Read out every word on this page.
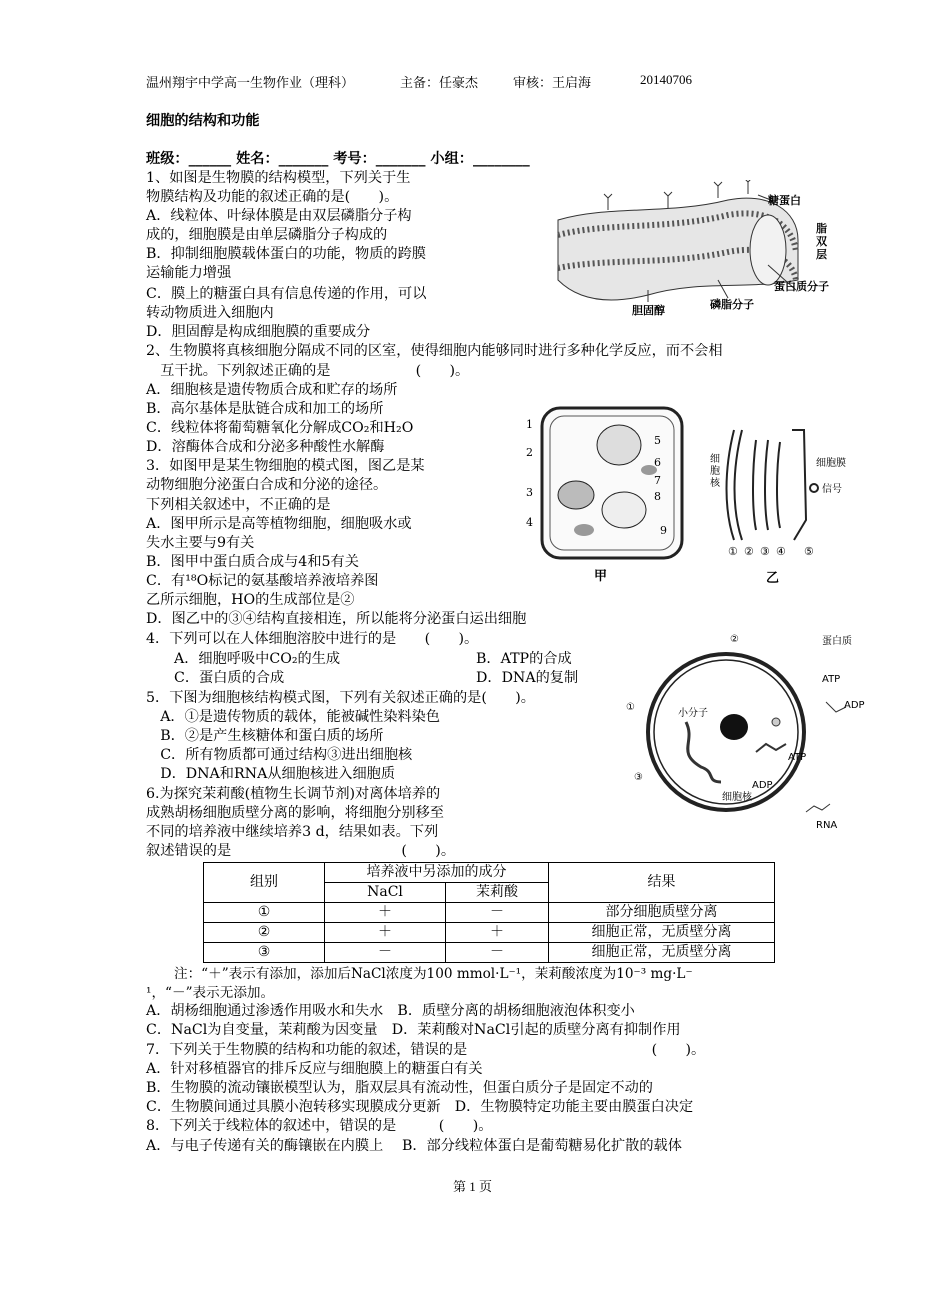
温州翔宇中学高一生物作业（理科）	主备：任豪杰	审核：王启海	20140706
细胞的结构和功能
班级：______ 姓名：_______ 考号：_______ 小组：________
1、如图是生物膜的结构模型，下列关于生
物膜结构及功能的叙述正确的是(　　)。
A．线粒体、叶绿体膜是由双层磷脂分子构
成的，细胞膜是由单层磷脂分子构成的
B．抑制细胞膜载体蛋白的功能，物质的跨膜
运输能力增强
C．膜上的糖蛋白具有信息传递的作用，可以
转动物质进入细胞内
D．胆固醇是构成细胞膜的重要成分
2、生物膜将真核细胞分隔成不同的区室，使得细胞内能够同时进行多种化学反应，而不会相
　互干扰。下列叙述正确的是　　　　　　(　　)。
A．细胞核是遗传物质合成和贮存的场所
B．高尔基体是肽链合成和加工的场所
C．线粒体将葡萄糖氧化分解成CO₂和H₂O
D．溶酶体合成和分泌多种酸性水解酶
3．如图甲是某生物细胞的模式图，图乙是某
动物细胞分泌蛋白合成和分泌的途径。
下列相关叙述中，不正确的是
A．图甲所示是高等植物细胞，细胞吸水或
失水主要与9有关
B．图甲中蛋白质合成与4和5有关
C．有¹⁸O标记的氨基酸培养液培养图
乙所示细胞，HO的生成部位是②
D．图乙中的③④结构直接相连，所以能将分泌蛋白运出细胞
4．下列可以在人体细胞溶胶中进行的是　　(　　)。
A．细胞呼吸中CO₂的生成	B．ATP的合成
C．蛋白质的合成	D．DNA的复制
5．下图为细胞核结构模式图，下列有关叙述正确的是(　　)。
　A．①是遗传物质的载体，能被碱性染料染色
　B．②是产生核糖体和蛋白质的场所
　C．所有物质都可通过结构③进出细胞核
　D．DNA和RNA从细胞核进入细胞质
6.为探究茉莉酸(植物生长调节剂)对离体培养的
成熟胡杨细胞质壁分离的影响，将细胞分别移至
不同的培养液中继续培养3 d，结果如表。下列
叙述错误的是　　　　　　　　　　　　(　　)。
组别	培养液中另添加的成分		结果
	NaCl	茉莉酸	
①	＋	－	部分细胞质壁分离
②	＋	＋	细胞正常，无质壁分离
③	－	－	细胞正常，无质壁分离
注：“＋”表示有添加，添加后NaCl浓度为100 mmol·L⁻¹，茉莉酸浓度为10⁻³ mg·L⁻
¹，“－”表示无添加。
A．胡杨细胞通过渗透作用吸水和失水　B．质壁分离的胡杨细胞液泡体积变小
C．NaCl为自变量，茉莉酸为因变量　D．茉莉酸对NaCl引起的质壁分离有抑制作用
7．下列关于生物膜的结构和功能的叙述，错误的是　　　　　　　　　　　　　(　　)。
A．针对移植器官的排斥反应与细胞膜上的糖蛋白有关
B．生物膜的流动镶嵌模型认为，脂双层具有流动性，但蛋白质分子是固定不动的
C．生物膜间通过具膜小泡转移实现膜成分更新　D．生物膜特定功能主要由膜蛋白决定
8．下列关于线粒体的叙述中，错误的是　　　(　　)。
A．与电子传递有关的酶镶嵌在内膜上　 B．部分线粒体蛋白是葡萄糖易化扩散的载体
第 1 页
糖蛋白
脂双层
蛋白质分子
磷脂分子
胆固醇
1
2
3
4
5
6
7
8
9
甲
细胞核
细胞膜
信号
① ② ③ ④ ⑤
乙
①
②
③
小分子
蛋白质
ATP
ADP
ATP
细胞核
ADP
RNA
